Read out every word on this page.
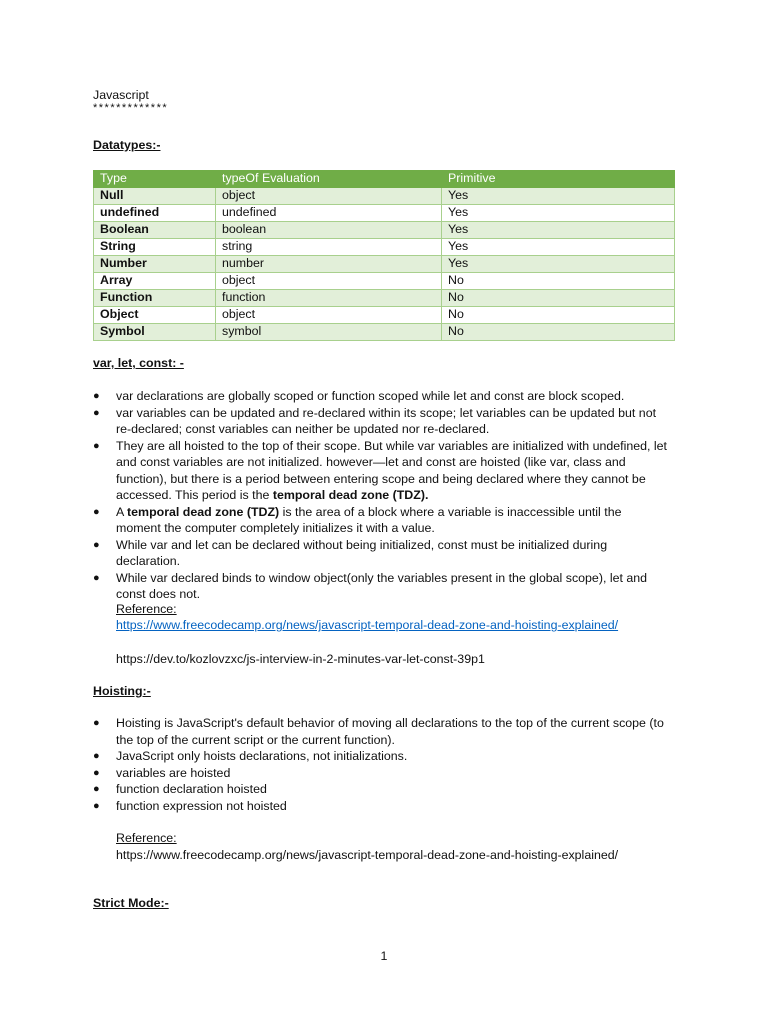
Javascript
*************
Datatypes:-
Type	typeOf Evaluation	Primitive
Null	object	Yes
undefined	undefined	Yes
Boolean	boolean	Yes
String	string	Yes
Number	number	Yes
Array	object	No
Function	function	No
Object	object	No
Symbol	symbol	No
var, let, const: -
● var declarations are globally scoped or function scoped while let and const are block scoped.
● var variables can be updated and re-declared within its scope; let variables can be updated but not re-declared; const variables can neither be updated nor re-declared.
● They are all hoisted to the top of their scope. But while var variables are initialized with undefined, let and const variables are not initialized. however—let and const are hoisted (like var, class and function), but there is a period between entering scope and being declared where they cannot be accessed. This period is the temporal dead zone (TDZ).
● A temporal dead zone (TDZ) is the area of a block where a variable is inaccessible until the moment the computer completely initializes it with a value.
● While var and let can be declared without being initialized, const must be initialized during declaration.
● While var declared binds to window object(only the variables present in the global scope), let and const does not.
Reference:
https://www.freecodecamp.org/news/javascript-temporal-dead-zone-and-hoisting-explained/
https://dev.to/kozlovzxc/js-interview-in-2-minutes-var-let-const-39p1
Hoisting:-
● Hoisting is JavaScript's default behavior of moving all declarations to the top of the current scope (to the top of the current script or the current function).
● JavaScript only hoists declarations, not initializations.
● variables are hoisted
● function declaration hoisted
● function expression not hoisted
Reference:
https://www.freecodecamp.org/news/javascript-temporal-dead-zone-and-hoisting-explained/
Strict Mode:-
1
